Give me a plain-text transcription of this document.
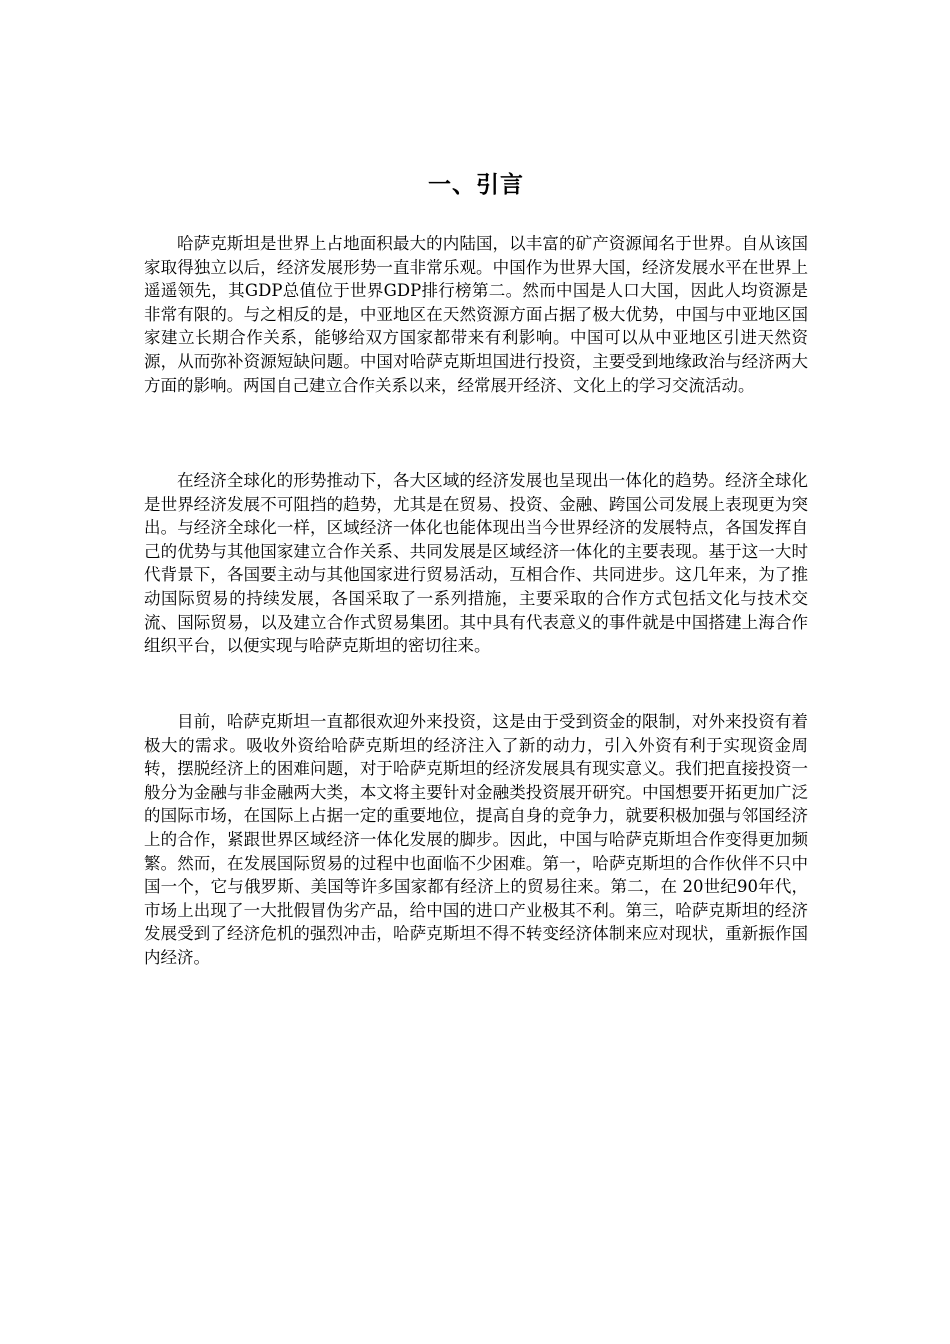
一、引言

哈萨克斯坦是世界上占地面积最大的内陆国，以丰富的矿产资源闻名于世界。自从该国家取得独立以后，经济发展形势一直非常乐观。中国作为世界大国，经济发展水平在世界上遥遥领先，其GDP总值位于世界GDP排行榜第二。然而中国是人口大国，因此人均资源是非常有限的。与之相反的是，中亚地区在天然资源方面占据了极大优势，中国与中亚地区国家建立长期合作关系，能够给双方国家都带来有利影响。中国可以从中亚地区引进天然资源，从而弥补资源短缺问题。中国对哈萨克斯坦国进行投资，主要受到地缘政治与经济两大方面的影响。两国自己建立合作关系以来，经常展开经济、文化上的学习交流活动。

在经济全球化的形势推动下，各大区域的经济发展也呈现出一体化的趋势。经济全球化是世界经济发展不可阻挡的趋势，尤其是在贸易、投资、金融、跨国公司发展上表现更为突出。与经济全球化一样，区域经济一体化也能体现出当今世界经济的发展特点，各国发挥自己的优势与其他国家建立合作关系、共同发展是区域经济一体化的主要表现。基于这一大时代背景下，各国要主动与其他国家进行贸易活动，互相合作、共同进步。这几年来，为了推动国际贸易的持续发展，各国采取了一系列措施，主要采取的合作方式包括文化与技术交流、国际贸易，以及建立合作式贸易集团。其中具有代表意义的事件就是中国搭建上海合作组织平台，以便实现与哈萨克斯坦的密切往来。

目前，哈萨克斯坦一直都很欢迎外来投资，这是由于受到资金的限制，对外来投资有着极大的需求。吸收外资给哈萨克斯坦的经济注入了新的动力，引入外资有利于实现资金周转，摆脱经济上的困难问题，对于哈萨克斯坦的经济发展具有现实意义。我们把直接投资一般分为金融与非金融两大类，本文将主要针对金融类投资展开研究。中国想要开拓更加广泛的国际市场，在国际上占据一定的重要地位，提高自身的竞争力，就要积极加强与邻国经济上的合作，紧跟世界区域经济一体化发展的脚步。因此，中国与哈萨克斯坦合作变得更加频繁。然而，在发展国际贸易的过程中也面临不少困难。第一，哈萨克斯坦的合作伙伴不只中国一个，它与俄罗斯、美国等许多国家都有经济上的贸易往来。第二，在 20世纪90年代，市场上出现了一大批假冒伪劣产品，给中国的进口产业极其不利。第三，哈萨克斯坦的经济发展受到了经济危机的强烈冲击，哈萨克斯坦不得不转变经济体制来应对现状，重新振作国内经济。
